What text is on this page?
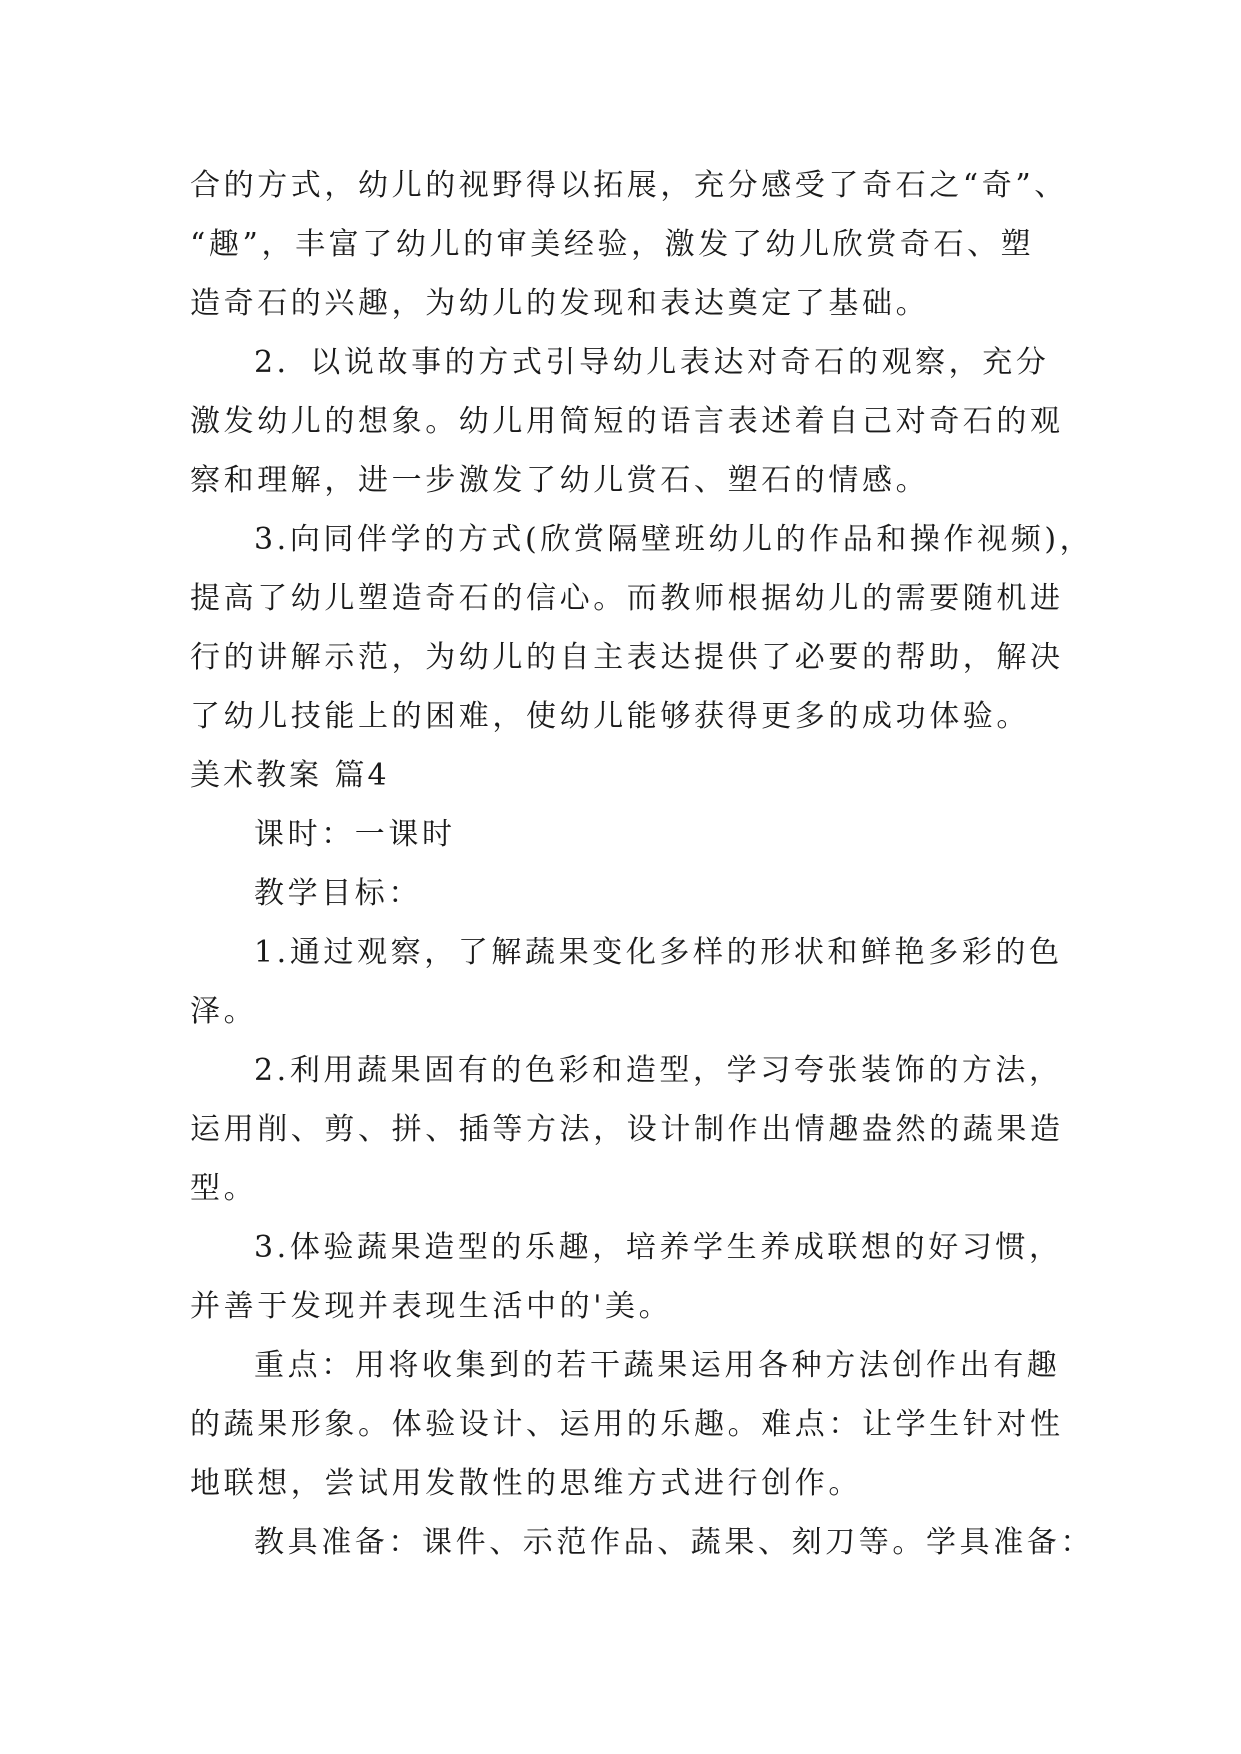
合的方式，幼儿的视野得以拓展，充分感受了奇石之“奇”、
“趣”，丰富了幼儿的审美经验，激发了幼儿欣赏奇石、塑
造奇石的兴趣，为幼儿的发现和表达奠定了基础。
2．以说故事的方式引导幼儿表达对奇石的观察，充分
激发幼儿的想象。幼儿用简短的语言表述着自己对奇石的观
察和理解，进一步激发了幼儿赏石、塑石的情感。
3.向同伴学的方式(欣赏隔壁班幼儿的作品和操作视频)，
提高了幼儿塑造奇石的信心。而教师根据幼儿的需要随机进
行的讲解示范，为幼儿的自主表达提供了必要的帮助，解决
了幼儿技能上的困难，使幼儿能够获得更多的成功体验。
美术教案 篇4
课时：一课时
教学目标：
1.通过观察，了解蔬果变化多样的形状和鲜艳多彩的色
泽。
2.利用蔬果固有的色彩和造型，学习夸张装饰的方法，
运用削、剪、拼、插等方法，设计制作出情趣盎然的蔬果造
型。
3.体验蔬果造型的乐趣，培养学生养成联想的好习惯，
并善于发现并表现生活中的'美。
重点：用将收集到的若干蔬果运用各种方法创作出有趣
的蔬果形象。体验设计、运用的乐趣。难点：让学生针对性
地联想，尝试用发散性的思维方式进行创作。
教具准备：课件、示范作品、蔬果、刻刀等。学具准备：
